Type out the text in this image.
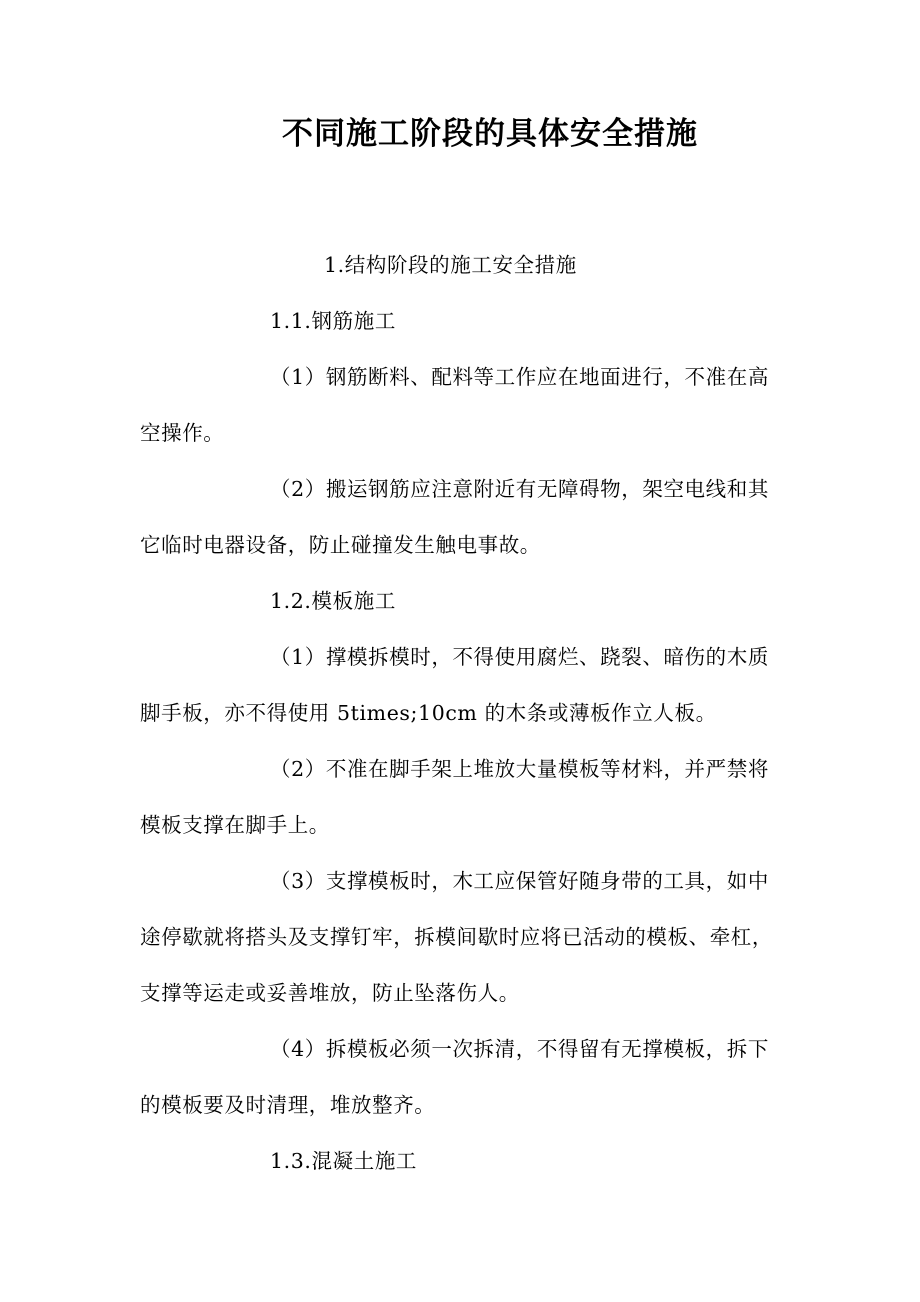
不同施工阶段的具体安全措施

1.结构阶段的施工安全措施

1.1.钢筋施工

（1）钢筋断料、配料等工作应在地面进行，不准在高

空操作。

（2）搬运钢筋应注意附近有无障碍物，架空电线和其

它临时电器设备，防止碰撞发生触电事故。

1.2.模板施工

（1）撑模拆模时，不得使用腐烂、跷裂、暗伤的木质

脚手板，亦不得使用 5times;10cm 的木条或薄板作立人板。

（2）不准在脚手架上堆放大量模板等材料，并严禁将

模板支撑在脚手上。

（3）支撑模板时，木工应保管好随身带的工具，如中

途停歇就将搭头及支撑钉牢，拆模间歇时应将已活动的模板、牵杠，

支撑等运走或妥善堆放，防止坠落伤人。

（4）拆模板必须一次拆清，不得留有无撑模板，拆下

的模板要及时清理，堆放整齐。

1.3.混凝土施工
